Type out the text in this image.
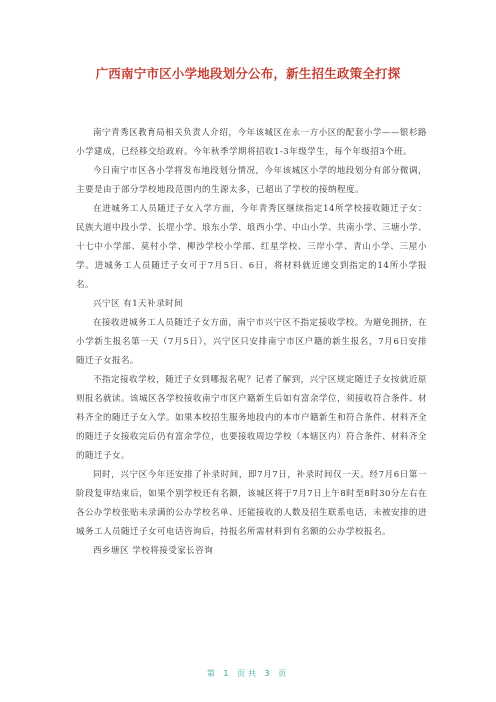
广西南宁市区小学地段划分公布，新生招生政策全打探

南宁青秀区教育局相关负责人介绍，今年该城区在永一方小区的配套小学——银杉路小学建成，已经移交给政府。今年秋季学期将招收1-3年级学生，每个年级招3个班。

今日南宁市区各小学将发布地段划分情况，今年该城区小学的地段划分有部分微调，主要是由于部分学校地段范围内的生源太多，已超出了学校的接纳程度。

在进城务工人员随迁子女入学方面，今年青秀区继续指定14所学校接收随迁子女：民族大道中段小学、长堽小学、埌东小学、埌西小学、中山小学、共南小学、三塘小学、十七中小学部、莫村小学、柳沙学校小学部、红星学校、三岸小学、青山小学、三屋小学。进城务工人员随迁子女可于7月5日、6日，将材料就近递交到指定的14所小学报名。

兴宁区 有1天补录时间

在接收进城务工人员随迁子女方面，南宁市兴宁区不指定接收学校。为避免拥挤，在小学新生报名第一天（7月5日），兴宁区只安排南宁市区户籍的新生报名，7月6日安排随迁子女报名。

不指定接收学校，随迁子女到哪报名呢？记者了解到，兴宁区规定随迁子女按就近原则报名就读。该城区各学校接收南宁市区户籍新生后如有富余学位，须接收符合条件、材料齐全的随迁子女入学。如果本校招生服务地段内的本市户籍新生和符合条件、材料齐全的随迁子女接收完后仍有富余学位，也要接收周边学校（本辖区内）符合条件、材料齐全的随迁子女。

同时，兴宁区今年还安排了补录时间，即7月7日，补录时间仅一天。经7月6日第一阶段复审结束后，如果个别学校还有名额，该城区将于7月7日上午8时至8时30分左右在各公办学校张贴未录满的公办学校名单、还能接收的人数及招生联系电话，未被安排的进城务工人员随迁子女可电话咨询后，持报名所需材料到有名额的公办学校报名。

西乡塘区 学校将接受家长咨询

第 1 页共 3 页
